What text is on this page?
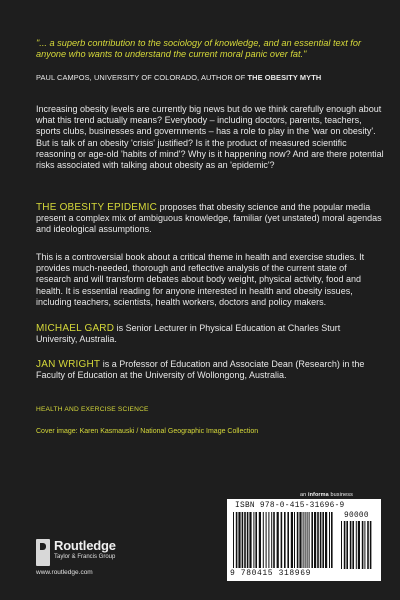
"... a superb contribution to the sociology of knowledge, and an essential text for anyone who wants to understand the current moral panic over fat."
PAUL CAMPOS, UNIVERSITY OF COLORADO, AUTHOR OF THE OBESITY MYTH
Increasing obesity levels are currently big news but do we think carefully enough about what this trend actually means? Everybody – including doctors, parents, teachers, sports clubs, businesses and governments – has a role to play in the 'war on obesity'. But is talk of an obesity 'crisis' justified? Is it the product of measured scientific reasoning or age-old 'habits of mind'? Why is it happening now? And are there potential risks associated with talking about obesity as an 'epidemic'?
THE OBESITY EPIDEMIC proposes that obesity science and the popular media present a complex mix of ambiguous knowledge, familiar (yet unstated) moral agendas and ideological assumptions.
This is a controversial book about a critical theme in health and exercise studies. It provides much-needed, thorough and reflective analysis of the current state of research and will transform debates about body weight, physical activity, food and health. It is essential reading for anyone interested in health and obesity issues, including teachers, scientists, health workers, doctors and policy makers.
MICHAEL GARD is Senior Lecturer in Physical Education at Charles Sturt University, Australia.
JAN WRIGHT is a Professor of Education and Associate Dean (Research) in the Faculty of Education at the University of Wollongong, Australia.
HEALTH AND EXERCISE SCIENCE
Cover image: Karen Kasmauski / National Geographic Image Collection
an informa business
ISBN 978-0-415-31696-9
90000
9 780415 318969
Routledge
Taylor & Francis Group
www.routledge.com
